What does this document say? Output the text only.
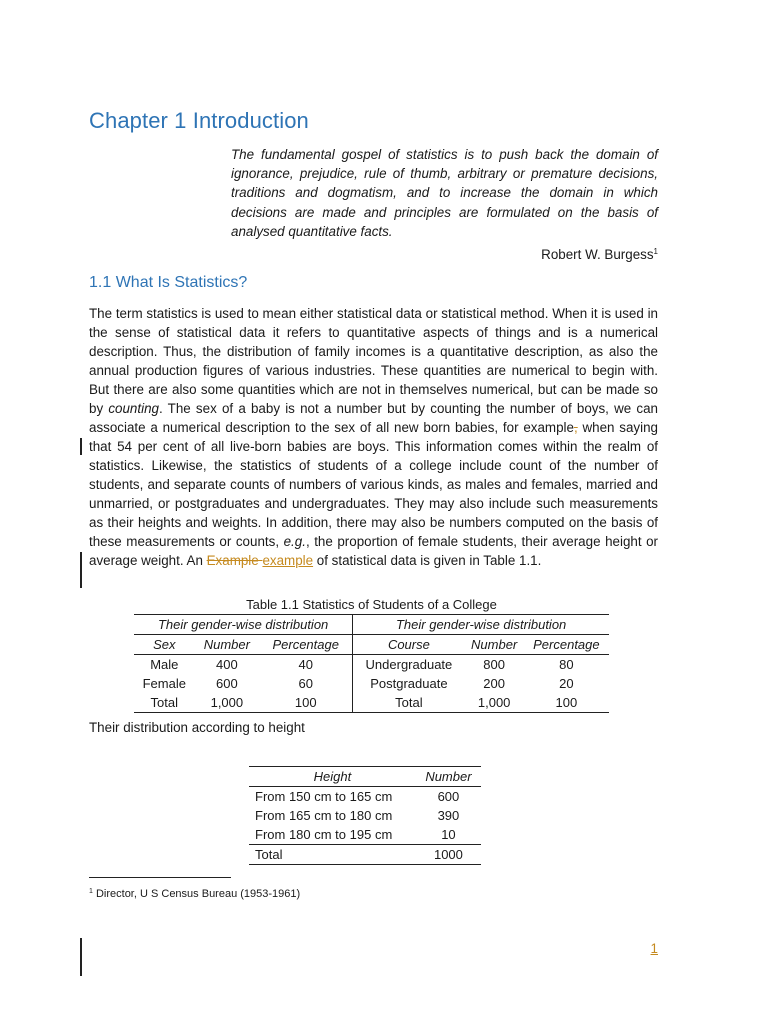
Chapter 1 Introduction

The fundamental gospel of statistics is to push back the domain of ignorance, prejudice, rule of thumb, arbitrary or premature decisions, traditions and dogmatism, and to increase the domain in which decisions are made and principles are formulated on the basis of analysed quantitative facts.

Robert W. Burgess$^1$

1.1 What Is Statistics?

The term statistics is used to mean either statistical data or statistical method. When it is used in the sense of statistical data it refers to quantitative aspects of things and is a numerical description. Thus, the distribution of family incomes is a quantitative description, as also the annual production figures of various industries. These quantities are numerical to begin with. But there are also some quantities which are not in themselves numerical, but can be made so by counting. The sex of a baby is not a number but by counting the number of boys, we can associate a numerical description to the sex of all new born babies, for example, when saying that 54 per cent of all live-born babies are boys. This information comes within the realm of statistics. Likewise, the statistics of students of a college include count of the number of students, and separate counts of numbers of various kinds, as males and females, married and unmarried, or postgraduates and undergraduates. They may also include such measurements as their heights and weights. In addition, there may also be numbers computed on the basis of these measurements or counts, e.g., the proportion of female students, their average height or average weight. An Example example of statistical data is given in Table 1.1.

Table 1.1 Statistics of Students of a College

Their gender-wise distribution			Their gender-wise distribution		
Sex	Number	Percentage	Course	Number	Percentage
Male	400	40	Undergraduate	800	80
Female	600	60	Postgraduate	200	20
Total	1,000	100	Total	1,000	100

Their distribution according to height

Height	Number
From 150 cm to 165 cm	600
From 165 cm to 180 cm	390
From 180 cm to 195 cm	10
Total	1000

$^1$ Director, U S Census Bureau (1953-1961)

1
